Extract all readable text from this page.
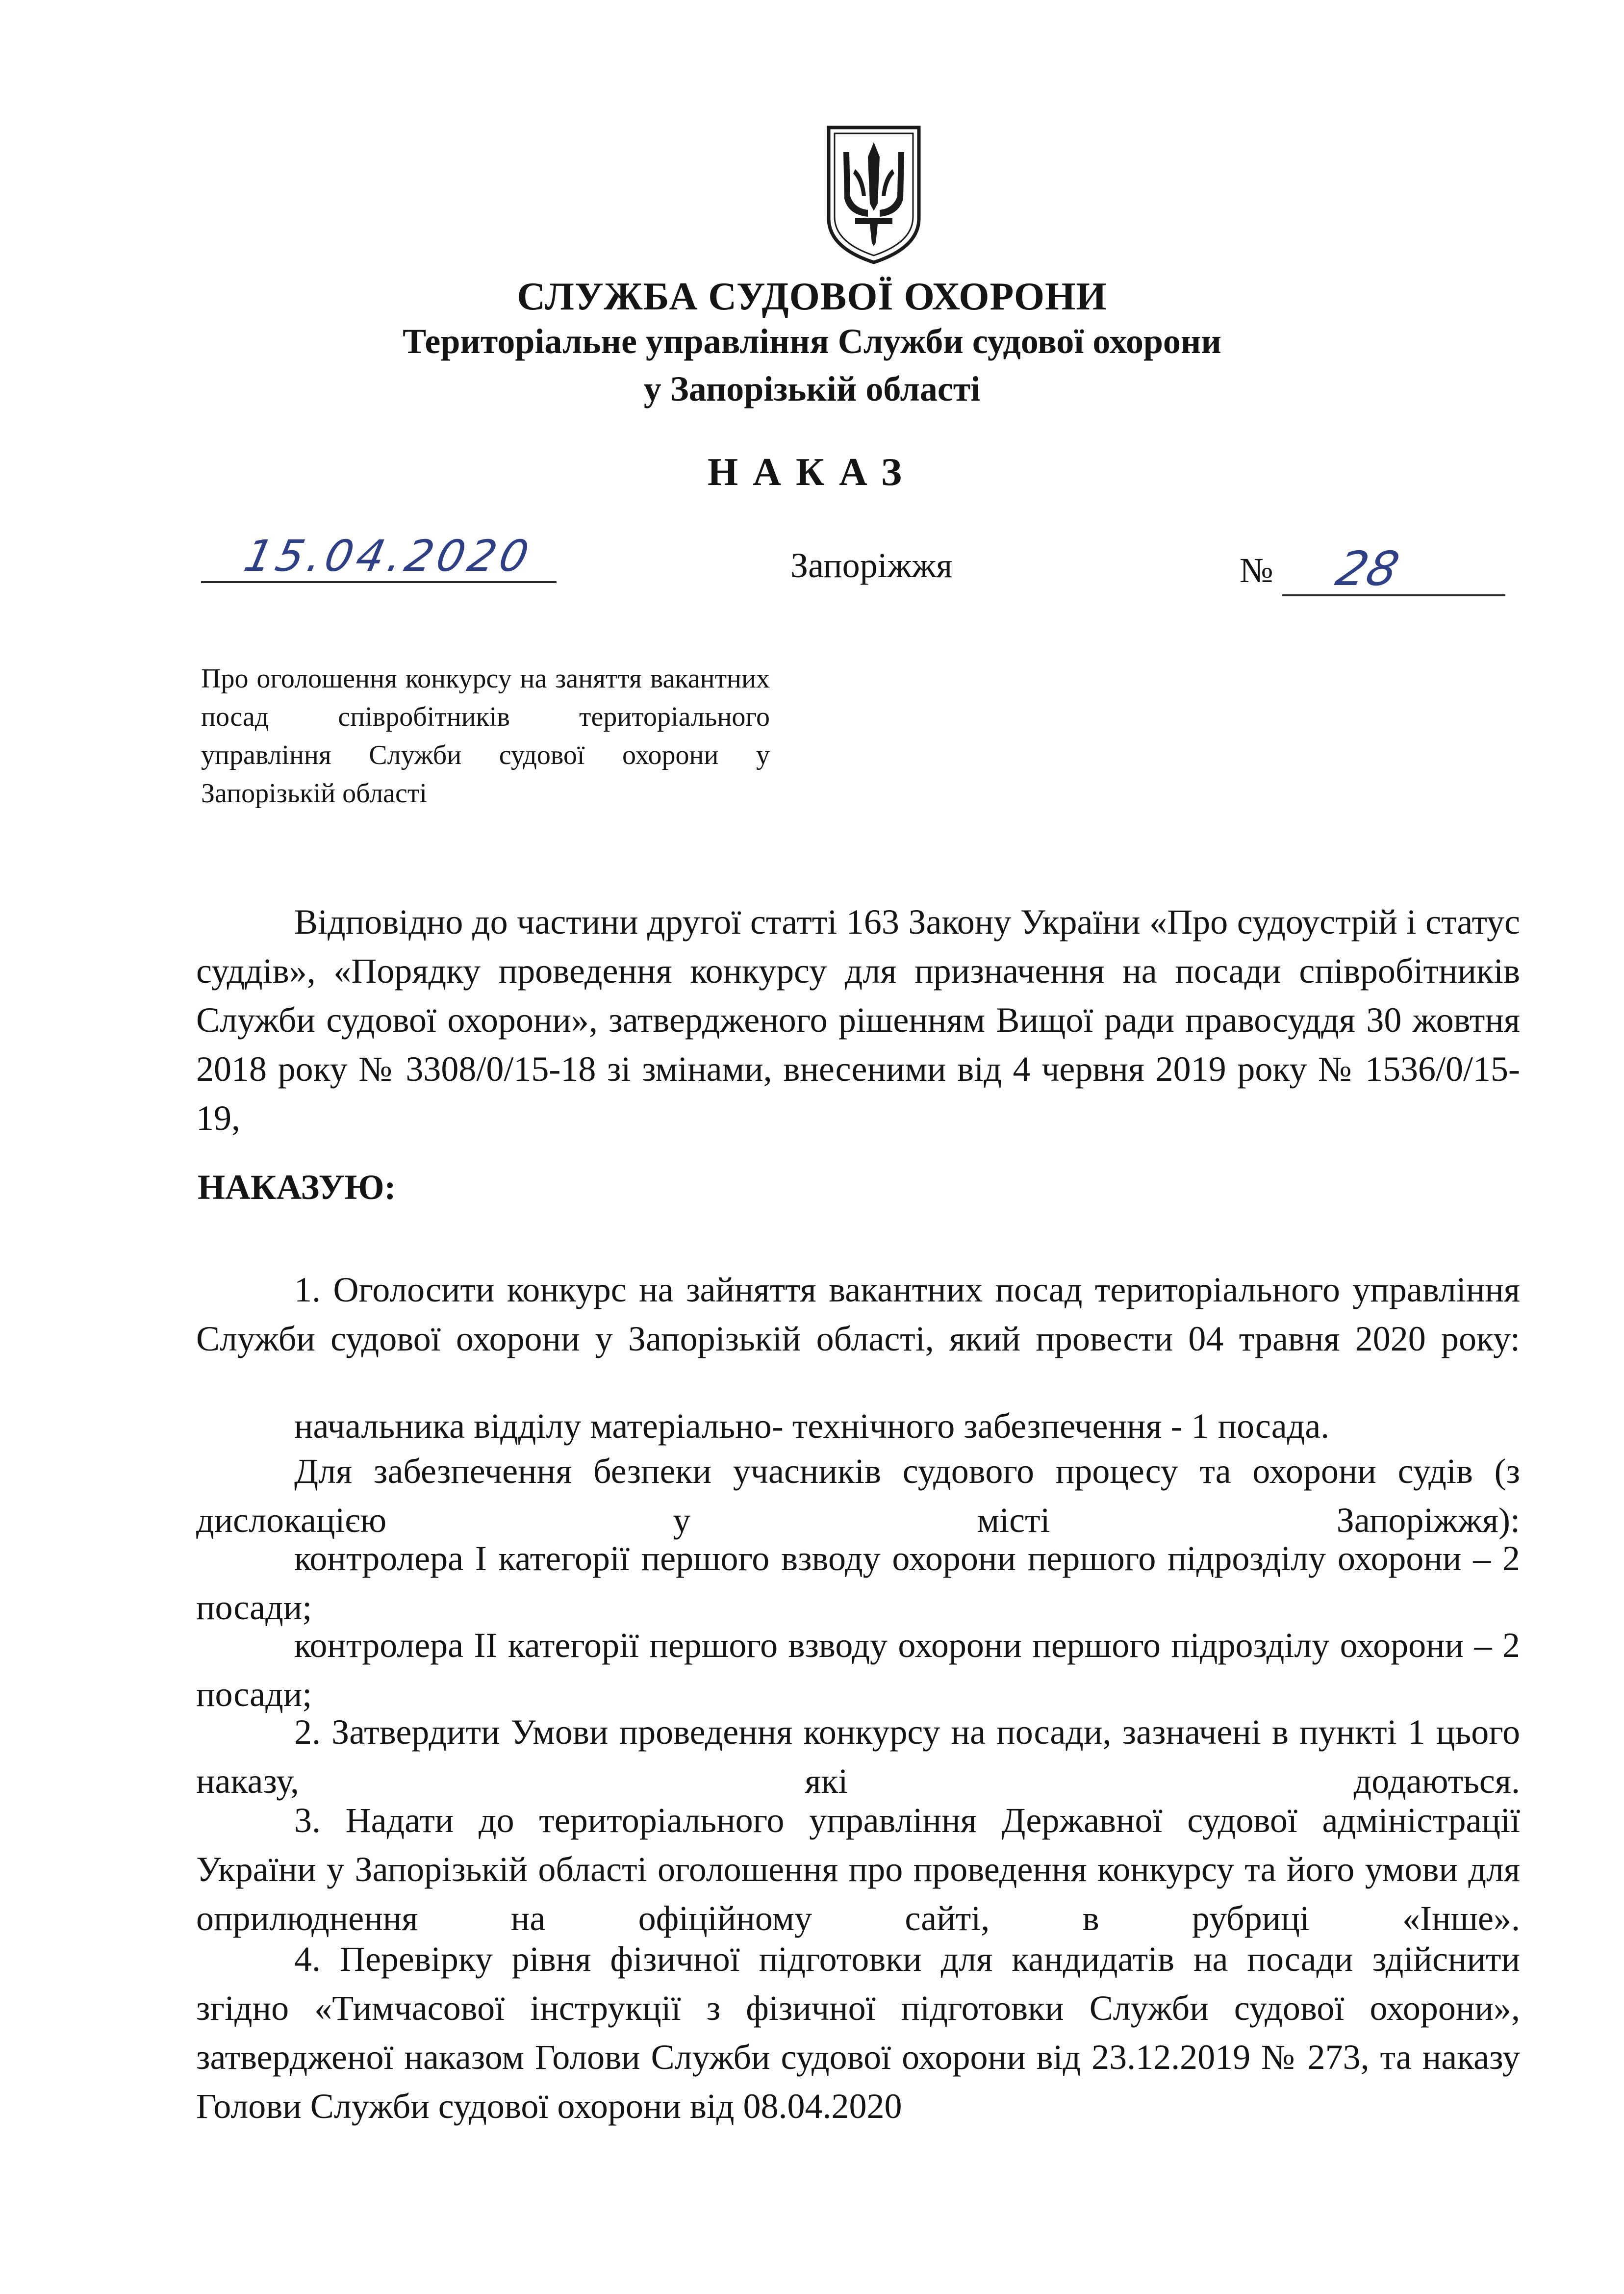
СЛУЖБА СУДОВОЇ ОХОРОНИ
Територіальне управління Служби судової охорони
у Запорізькій області
НАКАЗ
15.04.2020	Запоріжжя	№ 28
Про оголошення конкурсу на заняття вакантних посад співробітників територіального управління Служби судової охорони у Запорізькій області
Відповідно до частини другої статті 163 Закону України «Про судоустрій і статус суддів», «Порядку проведення конкурсу для призначення на посади співробітників Служби судової охорони», затвердженого рішенням Вищої ради правосуддя 30 жовтня 2018 року № 3308/0/15-18 зі змінами, внесеними від 4 червня 2019 року № 1536/0/15-19,
НАКАЗУЮ:
1. Оголосити конкурс на зайняття вакантних посад територіального управління Служби судової охорони у Запорізькій області, який провести 04 травня 2020 року:
начальника відділу матеріально- технічного забезпечення - 1 посада.
Для забезпечення безпеки учасників судового процесу та охорони судів (з дислокацією у місті Запоріжжя):
контролера I категорії першого взводу охорони першого підрозділу охорони – 2 посади;
контролера II категорії першого взводу охорони першого підрозділу охорони – 2 посади;
2. Затвердити Умови проведення конкурсу на посади, зазначені в пункті 1 цього наказу, які додаються.
3. Надати до територіального управління Державної судової адміністрації України у Запорізькій області оголошення про проведення конкурсу та його умови для оприлюднення на офіційному сайті, в рубриці «Інше».
4. Перевірку рівня фізичної підготовки для кандидатів на посади здійснити згідно «Тимчасової інструкції з фізичної підготовки Служби судової охорони», затвердженої наказом Голови Служби судової охорони від 23.12.2019 № 273, та наказу Голови Служби судової охорони від 08.04.2020
